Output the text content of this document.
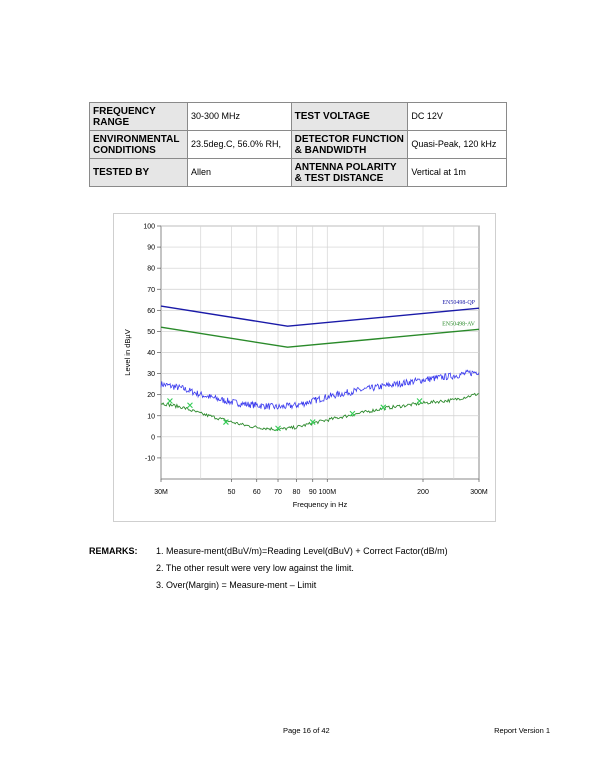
FREQUENCY RANGE	30-300 MHz	TEST VOLTAGE	DC 12V
ENVIRONMENTAL CONDITIONS	23.5deg.C, 56.0% RH,	DETECTOR FUNCTION & BANDWIDTH	Quasi-Peak, 120 kHz
TESTED BY	Allen	ANTENNA POLARITY & TEST DISTANCE	Vertical at 1m
100
90
80
70
60
50
40
30
20
10
0
-10
30M	50 60 70 80 90 100M	200	300M
Frequency in Hz
Level in dBµV
EN50498-QP
EN50498-AV
REMARKS: 1. Measure-ment(dBuV/m)=Reading Level(dBuV) + Correct Factor(dB/m)
2. The other result were very low against the limit.
3. Over(Margin) = Measure-ment – Limit
Page 16 of 42	Report Version 1
